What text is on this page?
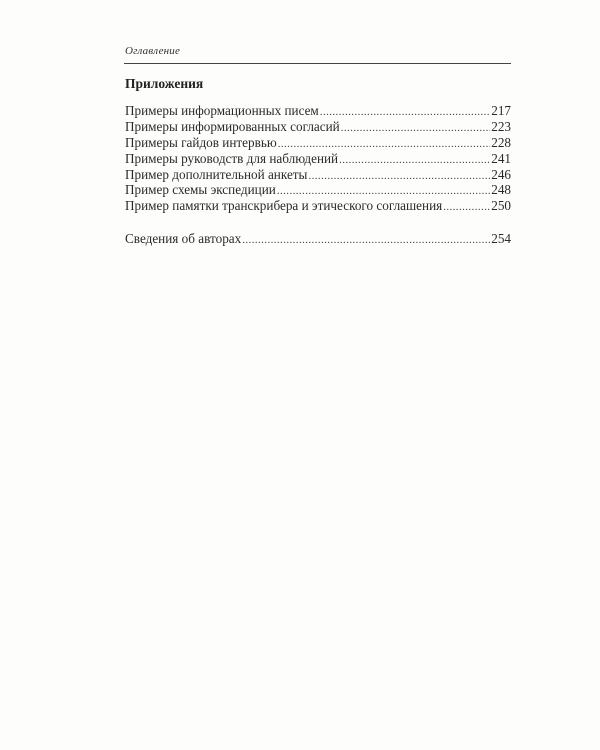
Оглавление
Приложения
Примеры информационных писем .....	217
Примеры информированных согласий .....	223
Примеры гайдов интервью .....	228
Примеры руководств для наблюдений .....	241
Пример дополнительной анкеты .....	246
Пример схемы экспедиции .....	248
Пример памятки транскрибера и этического соглашения .....	250
Сведения об авторах .....	254
